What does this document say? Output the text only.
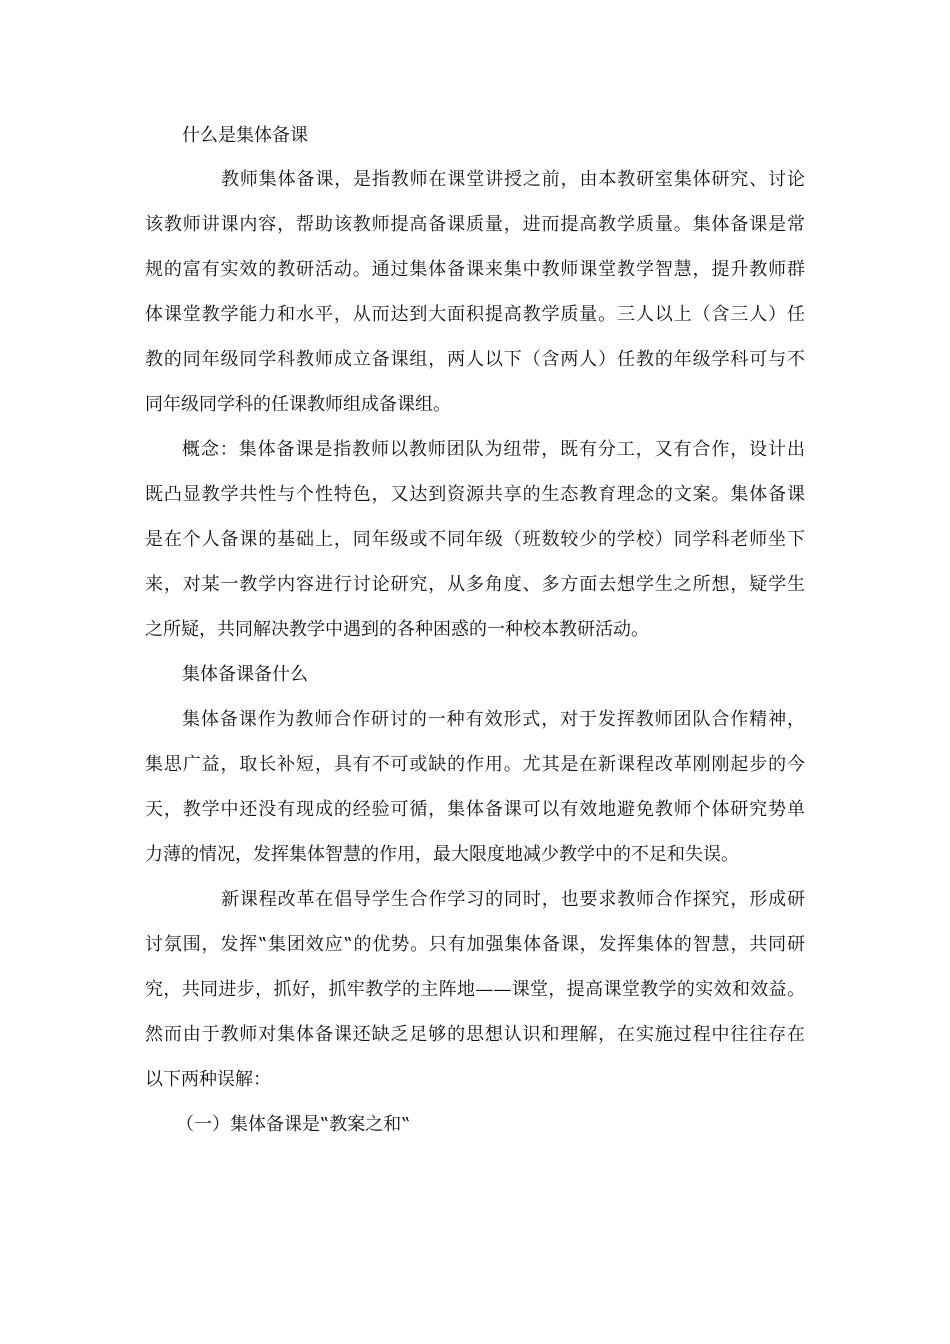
什么是集体备课
教师集体备课，是指教师在课堂讲授之前，由本教研室集体研究、讨论
该教师讲课内容，帮助该教师提高备课质量，进而提高教学质量。集体备课是常
规的富有实效的教研活动。通过集体备课来集中教师课堂教学智慧，提升教师群
体课堂教学能力和水平，从而达到大面积提高教学质量。三人以上（含三人）任
教的同年级同学科教师成立备课组，两人以下（含两人）任教的年级学科可与不
同年级同学科的任课教师组成备课组。
概念：集体备课是指教师以教师团队为纽带，既有分工，又有合作，设计出
既凸显教学共性与个性特色，又达到资源共享的生态教育理念的文案。集体备课
是在个人备课的基础上，同年级或不同年级（班数较少的学校）同学科老师坐下
来，对某一教学内容进行讨论研究，从多角度、多方面去想学生之所想，疑学生
之所疑，共同解决教学中遇到的各种困惑的一种校本教研活动。
集体备课备什么
集体备课作为教师合作研讨的一种有效形式，对于发挥教师团队合作精神，
集思广益，取长补短，具有不可或缺的作用。尤其是在新课程改革刚刚起步的今
天，教学中还没有现成的经验可循，集体备课可以有效地避免教师个体研究势单
力薄的情况，发挥集体智慧的作用，最大限度地减少教学中的不足和失误。
新课程改革在倡导学生合作学习的同时，也要求教师合作探究，形成研
讨氛围，发挥‟集团效应‟的优势。只有加强集体备课，发挥集体的智慧，共同研
究，共同进步，抓好，抓牢教学的主阵地——课堂，提高课堂教学的实效和效益。
然而由于教师对集体备课还缺乏足够的思想认识和理解，在实施过程中往往存在
以下两种误解：
（一）集体备课是‟教案之和‟
